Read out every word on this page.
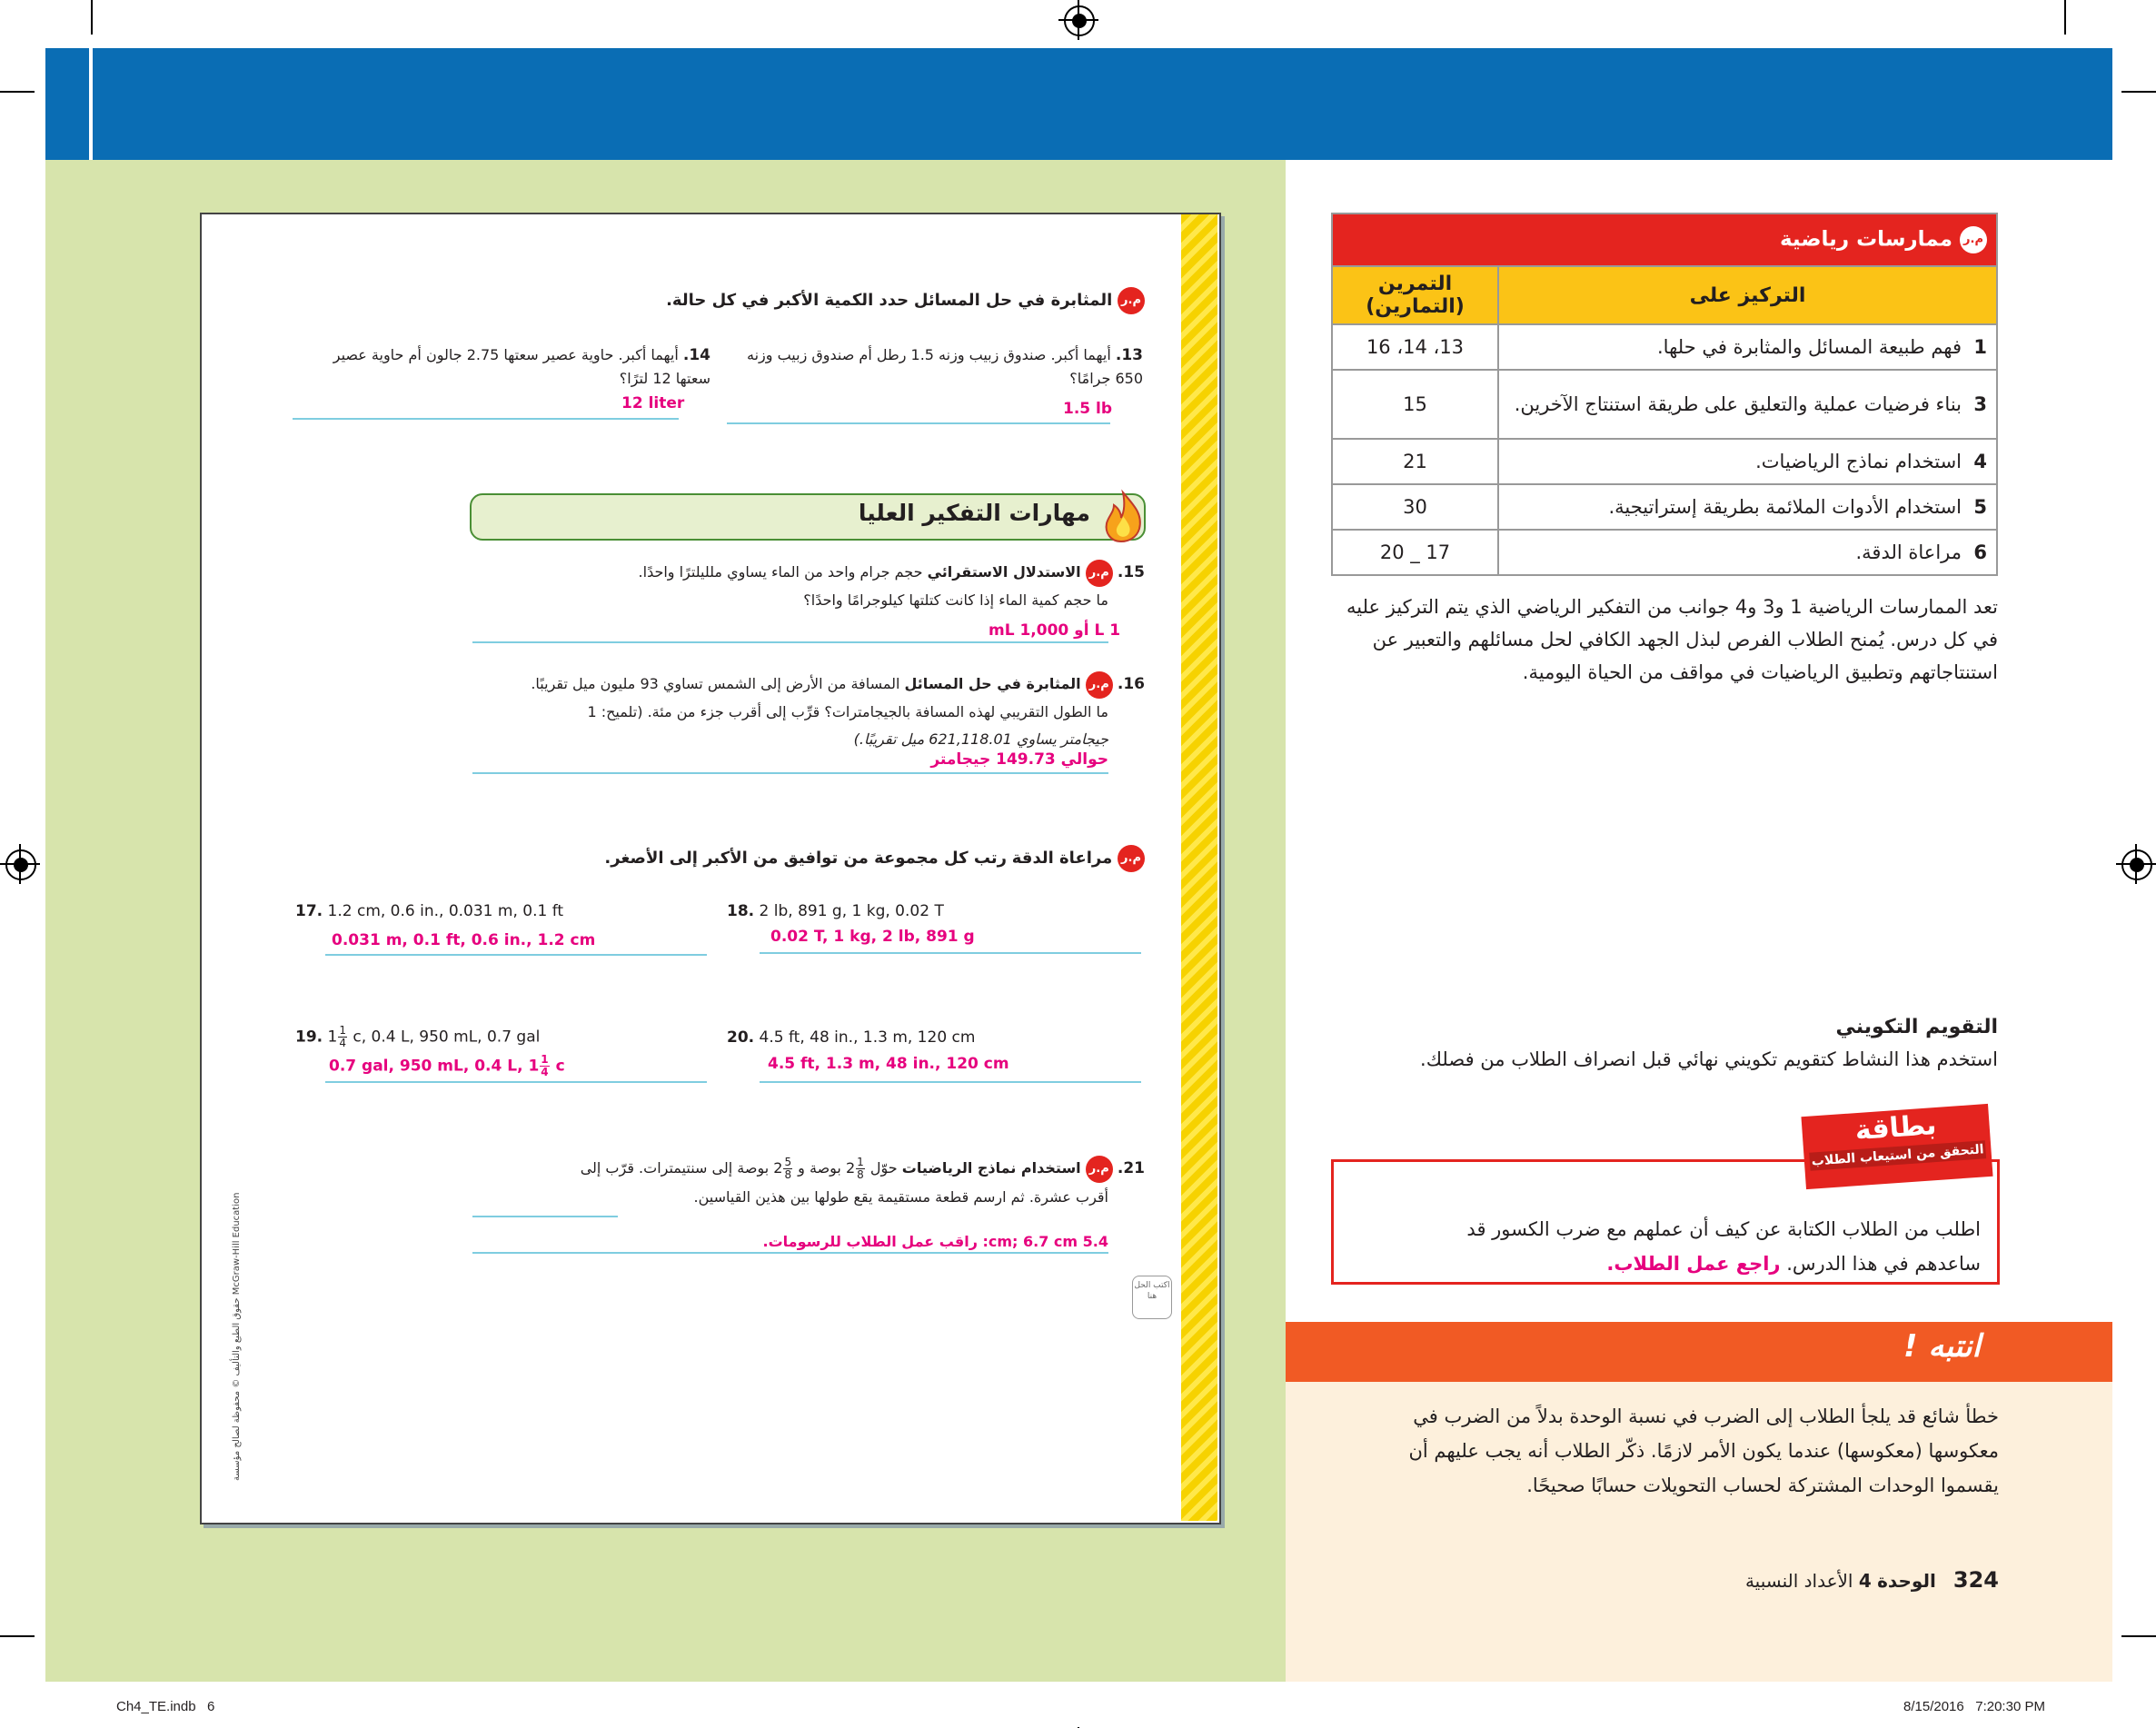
م.ر المثابرة في حل المسائل حدد الكمية الأكبر في كل حالة.
13. أيهما أكبر. صندوق زبيب وزنه 1.5 رطل أم صندوق زبيب وزنه 650 جرامًا؟
1.5 lb
14. أيهما أكبر. حاوية عصير سعتها 2.75 جالون أم حاوية عصير سعتها 12 لترًا؟
12 liter
مهارات التفكير العليا
15. م.ر الاستدلال الاستقرائي حجم جرام واحد من الماء يساوي ملليلترًا واحدًا.
ما حجم كمية الماء إذا كانت كتلتها كيلوجرامًا واحدًا؟
1 L أو 1,000 mL
16. م.ر المثابرة في حل المسائل المسافة من الأرض إلى الشمس تساوي 93 مليون ميل تقريبًا.
ما الطول التقريبي لهذه المسافة بالجيجامترات؟ قرِّب إلى أقرب جزء من مئة. (تلميح: 1
جيجامتر يساوي 621,118.01 ميل تقريبًا.)
حوالي 149.73 جيجامتر
م.ر مراعاة الدقة رتب كل مجموعة من توافيق من الأكبر إلى الأصغر.
17. 1.2 cm, 0.6 in., 0.031 m, 0.1 ft
0.031 m, 0.1 ft, 0.6 in., 1.2 cm
18. 2 lb, 891 g, 1 kg, 0.02 T
0.02 T, 1 kg, 2 lb, 891 g
19. $1 \frac{1}{4} c$, 0.4 L, 950 mL, 0.7 gal
0.7 gal, 950 mL, 0.4 L, $1 \frac{1}{4}$ c
20. 4.5 ft, 48 in., 1.3 m, 120 cm
4.5 ft, 1.3 m, 48 in., 120 cm
21. م.ر استخدام نماذج الرياضيات حوّل $2 \frac{1}{8}$
بوصة و $2 \frac{5}{8}$
بوصة إلى سنتيمترات. قرّب إلى
أقرب عشرة. ثم ارسم قطعة مستقيمة يقع طولها بين هذين القياسين.
5.4 cm; 6.7 cm: راقب عمل الطلاب للرسومات.
اكتب الحل هنا
حقوق الطبع والتأليف © محفوظة لصالح مؤسسة McGraw-Hill Education
م.ر ممارسات رياضية	
التركيز على	التمرين (التمارين)
1  فهم طبيعة المسائل والمثابرة في حلها.	13، 14، 16
3  بناء فرضيات عملية والتعليق على طريقة استنتاج الآخرين.	15
4  استخدام نماذج الرياضيات.	21
5  استخدام الأدوات الملائمة بطريقة إستراتيجية.	30
6  مراعاة الدقة.	17 _ 20
تعد الممارسات الرياضية 1 و3 و4 جوانب من التفكير الرياضي الذي يتم التركيز عليه في كل درس. يُمنح الطلاب الفرص لبذل الجهد الكافي لحل مسائلهم والتعبير عن استنتاجاتهم وتطبيق الرياضيات في مواقف من الحياة اليومية.
التقويم التكويني
استخدم هذا النشاط كتقويم تكويني نهائي قبل انصراف الطلاب من فصلك.
بطاقة
التحقق من استيعاب الطلاب
اطلب من الطلاب الكتابة عن كيف أن عملهم مع ضرب الكسور قد
ساعدهم في هذا الدرس. راجع عمل الطلاب.
انتبه !
خطأ شائع قد يلجأ الطلاب إلى الضرب في نسبة الوحدة بدلاً من الضرب في معكوسها (معكوسها) عندما يكون الأمر لازمًا. ذكّر الطلاب أنه يجب عليهم أن يقسموا الوحدات المشتركة لحساب التحويلات حسابًا صحيحًا.
324   الوحدة 4 الأعداد النسبية
Ch4_TE.indb   6	8/15/2016   7:20:30 PM
